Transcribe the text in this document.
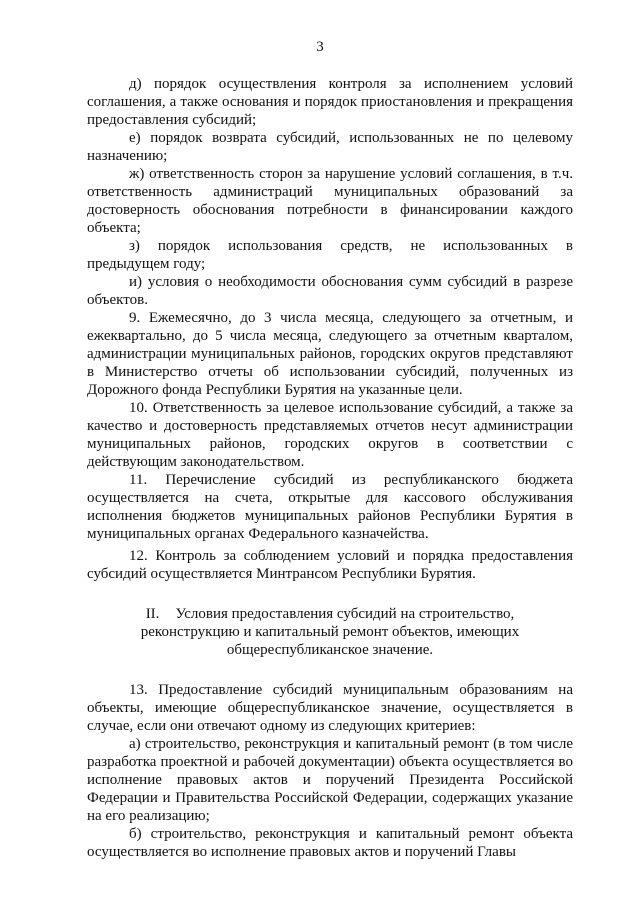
3

д) порядок осуществления контроля за исполнением условий соглашения, а также основания и порядок приостановления и прекращения предоставления субсидий;

е) порядок возврата субсидий, использованных не по целевому назначению;

ж) ответственность сторон за нарушение условий соглашения, в т.ч. ответственность администраций муниципальных образований за достоверность обоснования потребности в финансировании каждого объекта;

з) порядок использования средств, не использованных в предыдущем году;

и) условия о необходимости обоснования сумм субсидий в разрезе объектов.

9. Ежемесячно, до 3 числа месяца, следующего за отчетным, и ежеквартально, до 5 числа месяца, следующего за отчетным кварталом, администрации муниципальных районов, городских округов представляют в Министерство отчеты об использовании субсидий, полученных из Дорожного фонда Республики Бурятия на указанные цели.

10. Ответственность за целевое использование субсидий, а также за качество и достоверность представляемых отчетов несут администрации муниципальных районов, городских округов в соответствии с действующим законодательством.

11. Перечисление субсидий из республиканского бюджета осуществляется на счета, открытые для кассового обслуживания исполнения бюджетов муниципальных районов Республики Бурятия в муниципальных органах Федерального казначейства.

12. Контроль за соблюдением условий и порядка предоставления субсидий осуществляется Минтрансом Республики Бурятия.

II. Условия предоставления субсидий на строительство,
реконструкцию и капитальный ремонт объектов, имеющих
общереспубликанское значение.

13. Предоставление субсидий муниципальным образованиям на объекты, имеющие общереспубликанское значение, осуществляется в случае, если они отвечают одному из следующих критериев:

а) строительство, реконструкция и капитальный ремонт (в том числе разработка проектной и рабочей документации) объекта осуществляется во исполнение правовых актов и поручений Президента Российской Федерации и Правительства Российской Федерации, содержащих указание на его реализацию;

б) строительство, реконструкция и капитальный ремонт объекта осуществляется во исполнение правовых актов и поручений Главы
